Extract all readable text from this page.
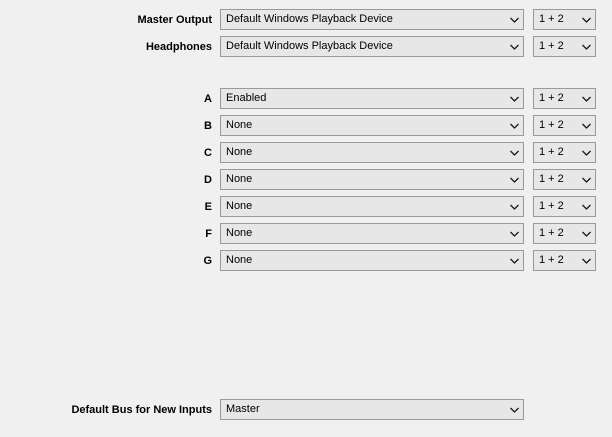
Master Output	Default Windows Playback Device	1 + 2
Headphones	Default Windows Playback Device	1 + 2
A	Enabled	1 + 2
B	None	1 + 2
C	None	1 + 2
D	None	1 + 2
E	None	1 + 2
F	None	1 + 2
G	None	1 + 2
Default Bus for New Inputs	Master
